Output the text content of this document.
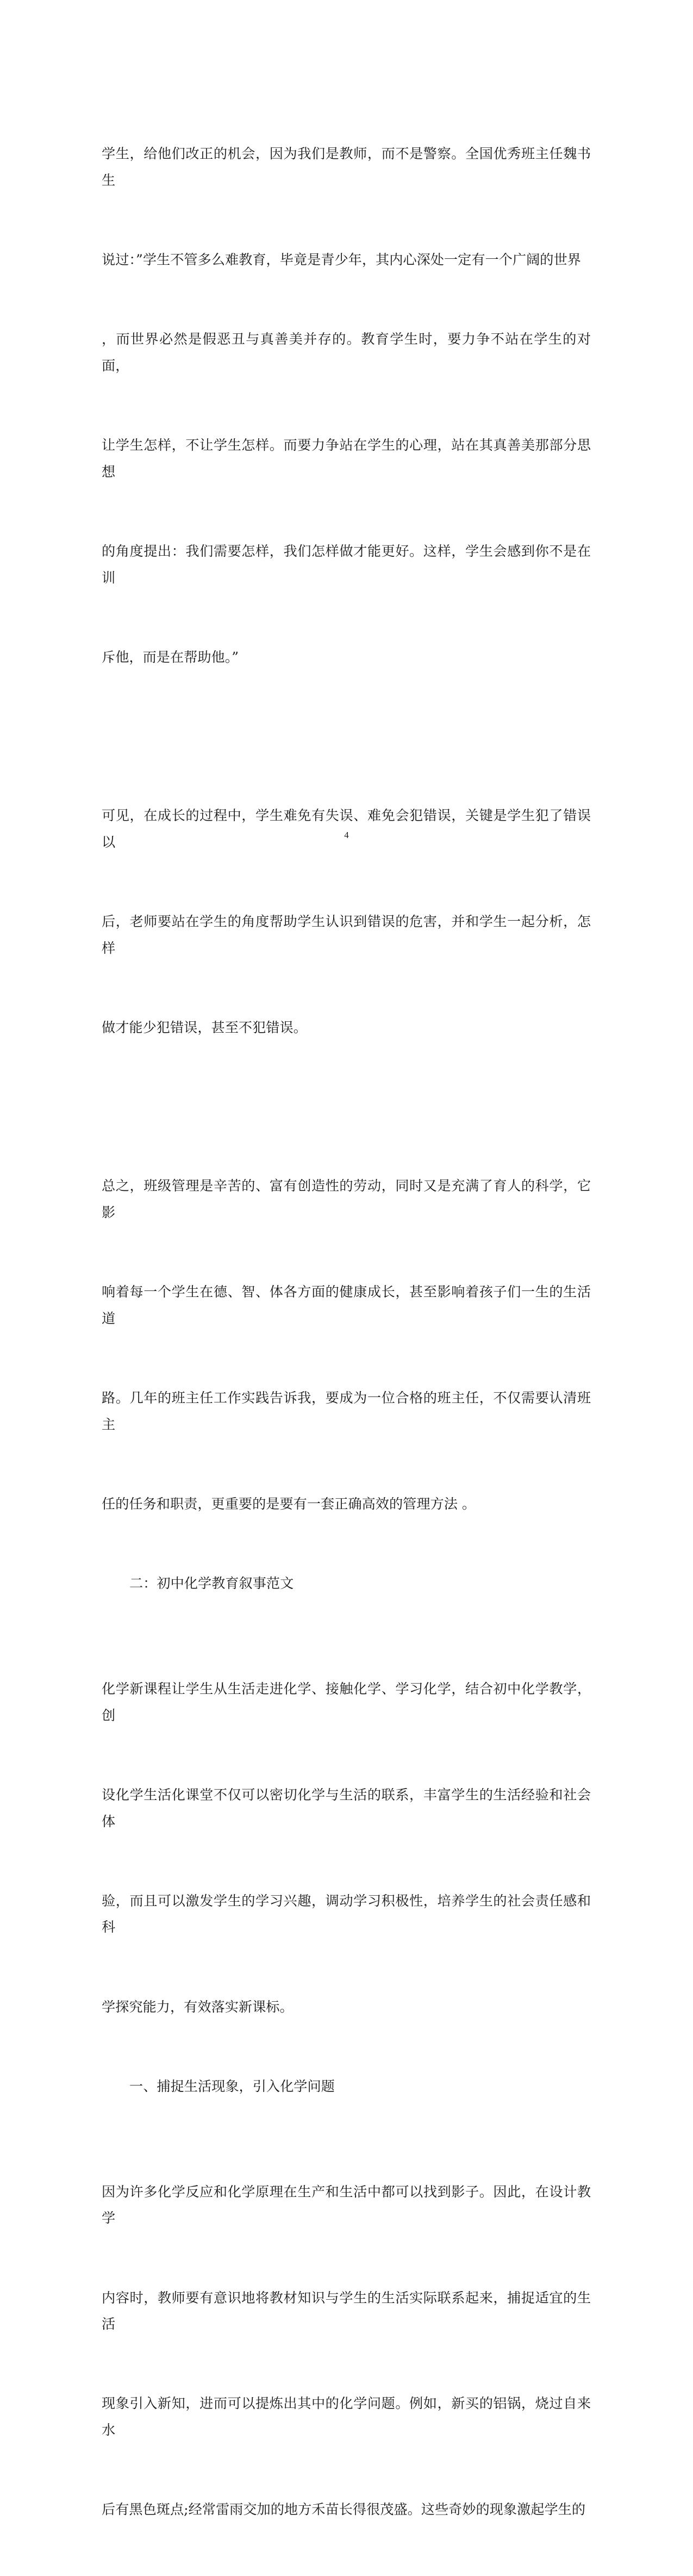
学生，给他们改正的机会，因为我们是教师，而不是警察。全国优秀班主任魏书生

说过：”学生不管多么难教育，毕竟是青少年，其内心深处一定有一个广阔的世界

，而世界必然是假恶丑与真善美并存的。教育学生时，要力争不站在学生的对面，

让学生怎样，不让学生怎样。而要力争站在学生的心理，站在其真善美那部分思想

的角度提出：我们需要怎样，我们怎样做才能更好。这样，学生会感到你不是在训

斥他，而是在帮助他。”

可见，在成长的过程中，学生难免有失误、难免会犯错误，关键是学生犯了错误以

后，老师要站在学生的角度帮助学生认识到错误的危害，并和学生一起分析，怎样

做才能少犯错误，甚至不犯错误。

总之，班级管理是辛苦的、富有创造性的劳动，同时又是充满了育人的科学，它影

响着每一个学生在德、智、体各方面的健康成长，甚至影响着孩子们一生的生活道

路。几年的班主任工作实践告诉我，要成为一位合格的班主任，不仅需要认清班主

任的任务和职责，更重要的是要有一套正确高效的管理方法 。

二：初中化学教育叙事范文

化学新课程让学生从生活走进化学、接触化学、学习化学，结合初中化学教学，创

设化学生活化课堂不仅可以密切化学与生活的联系，丰富学生的生活经验和社会体

验，而且可以激发学生的学习兴趣，调动学习积极性，培养学生的社会责任感和科

学探究能力，有效落实新课标。

一、捕捉生活现象，引入化学问题

因为许多化学反应和化学原理在生产和生活中都可以找到影子。因此，在设计教学

内容时，教师要有意识地将教材知识与学生的生活实际联系起来，捕捉适宜的生活

现象引入新知，进而可以提炼出其中的化学问题。例如，新买的铝锅，烧过自来水

后有黑色斑点;经常雷雨交加的地方禾苗长得很茂盛。这些奇妙的现象激起学生的

4
